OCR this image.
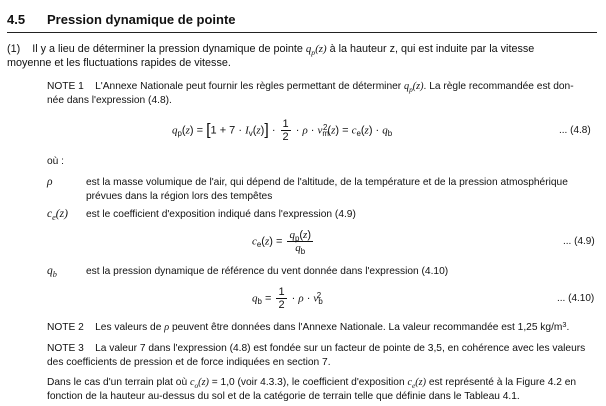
4.5 Pression dynamique de pointe
(1) Il y a lieu de déterminer la pression dynamique de pointe $q_p(z)$ à la hauteur z, qui est induite par la vitesse
moyenne et les fluctuations rapides de vitesse.
NOTE 1 L'Annexe Nationale peut fournir les règles permettant de déterminer $q_p(z)$. La règle recommandée est don-
née dans l'expression (4.8).
$q_p(z) = [1 + 7 \cdot I_v(z)] \cdot \frac{1}{2} \cdot \rho \cdot v_m^2(z) = c_e(z) \cdot q_b$	... (4.8)
où :
ρ	est la masse volumique de l'air, qui dépend de l'altitude, de la température et de la pression atmosphérique
prévues dans la région lors des tempêtes
$c_e(z)$ est le coefficient d'exposition indiqué dans l'expression (4.9)
$c_e(z) = \frac{q_p(z)}{q_b}$	... (4.9)
$q_b$	est la pression dynamique de référence du vent donnée dans l'expression (4.10)
$q_b = \frac{1}{2} \cdot \rho \cdot v_b^2$	... (4.10)
NOTE 2 Les valeurs de ρ peuvent être données dans l'Annexe Nationale. La valeur recommandée est 1,25 $kg/m^3$.
NOTE 3 La valeur 7 dans l'expression (4.8) est fondée sur un facteur de pointe de 3,5, en cohérence avec les valeurs
des coefficients de pression et de force indiquées en section 7.
Dans le cas d'un terrain plat où $c_o(z) = 1,0$ (voir 4.3.3), le coefficient d'exposition $c_e(z)$ est représenté à la Figure 4.2 en
fonction de la hauteur au-dessus du sol et de la catégorie de terrain telle que définie dans le Tableau 4.1.
